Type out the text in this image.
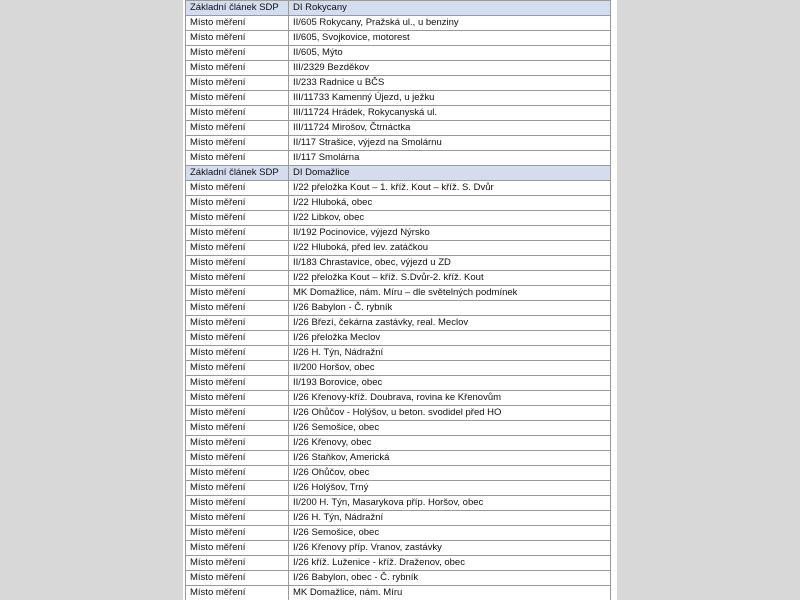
Základní článek SDP	DI Rokycany
Místo měření	II/605 Rokycany, Pražská ul., u benziny
Místo měření	II/605, Svojkovice, motorest
Místo měření	II/605, Mýto
Místo měření	III/2329 Bezděkov
Místo měření	II/233 Radnice u BČS
Místo měření	III/11733 Kamenný Újezd, u ježku
Místo měření	III/11724 Hrádek, Rokycanyská ul.
Místo měření	III/11724 Mirošov, Čtrnáctka
Místo měření	II/117 Strašice, výjezd na Smolárnu
Místo měření	II/117 Smolárna
Základní článek SDP	DI Domažlice
Místo měření	I/22 přeložka Kout – 1. kříž. Kout – kříž. S. Dvůr
Místo měření	I/22 Hluboká, obec
Místo měření	I/22 Libkov, obec
Místo měření	II/192 Pocinovice, výjezd Nýrsko
Místo měření	I/22 Hluboká, před lev. zatáčkou
Místo měření	II/183 Chrastavice, obec, výjezd u ZD
Místo měření	I/22 přeložka Kout – kříž. S.Dvůr-2. kříž. Kout
Místo měření	MK Domažlice, nám. Míru – dle světelných podmínek
Místo měření	I/26 Babylon - Č. rybník
Místo měření	I/26 Březí, čekárna zastávky, real. Meclov
Místo měření	I/26 přeložka Meclov
Místo měření	I/26 H. Týn, Nádražní
Místo měření	II/200 Horšov, obec
Místo měření	II/193 Borovice, obec
Místo měření	I/26 Křenovy-kříž. Doubrava, rovina ke Křenovům
Místo měření	I/26 Ohůčov - Holýšov, u beton. svodidel před HO
Místo měření	I/26 Semošice, obec
Místo měření	I/26 Křenovy, obec
Místo měření	I/26 Staňkov, Americká
Místo měření	I/26 Ohůčov, obec
Místo měření	I/26 Holýšov, Trný
Místo měření	II/200 H. Týn, Masarykova příp. Horšov, obec
Místo měření	I/26 H. Týn, Nádražní
Místo měření	I/26 Semošice, obec
Místo měření	I/26 Křenovy příp. Vranov, zastávky
Místo měření	I/26 kříž. Luženice - kříž. Draženov, obec
Místo měření	I/26 Babylon, obec - Č. rybník
Místo měření	MK Domažlice, nám. Míru
